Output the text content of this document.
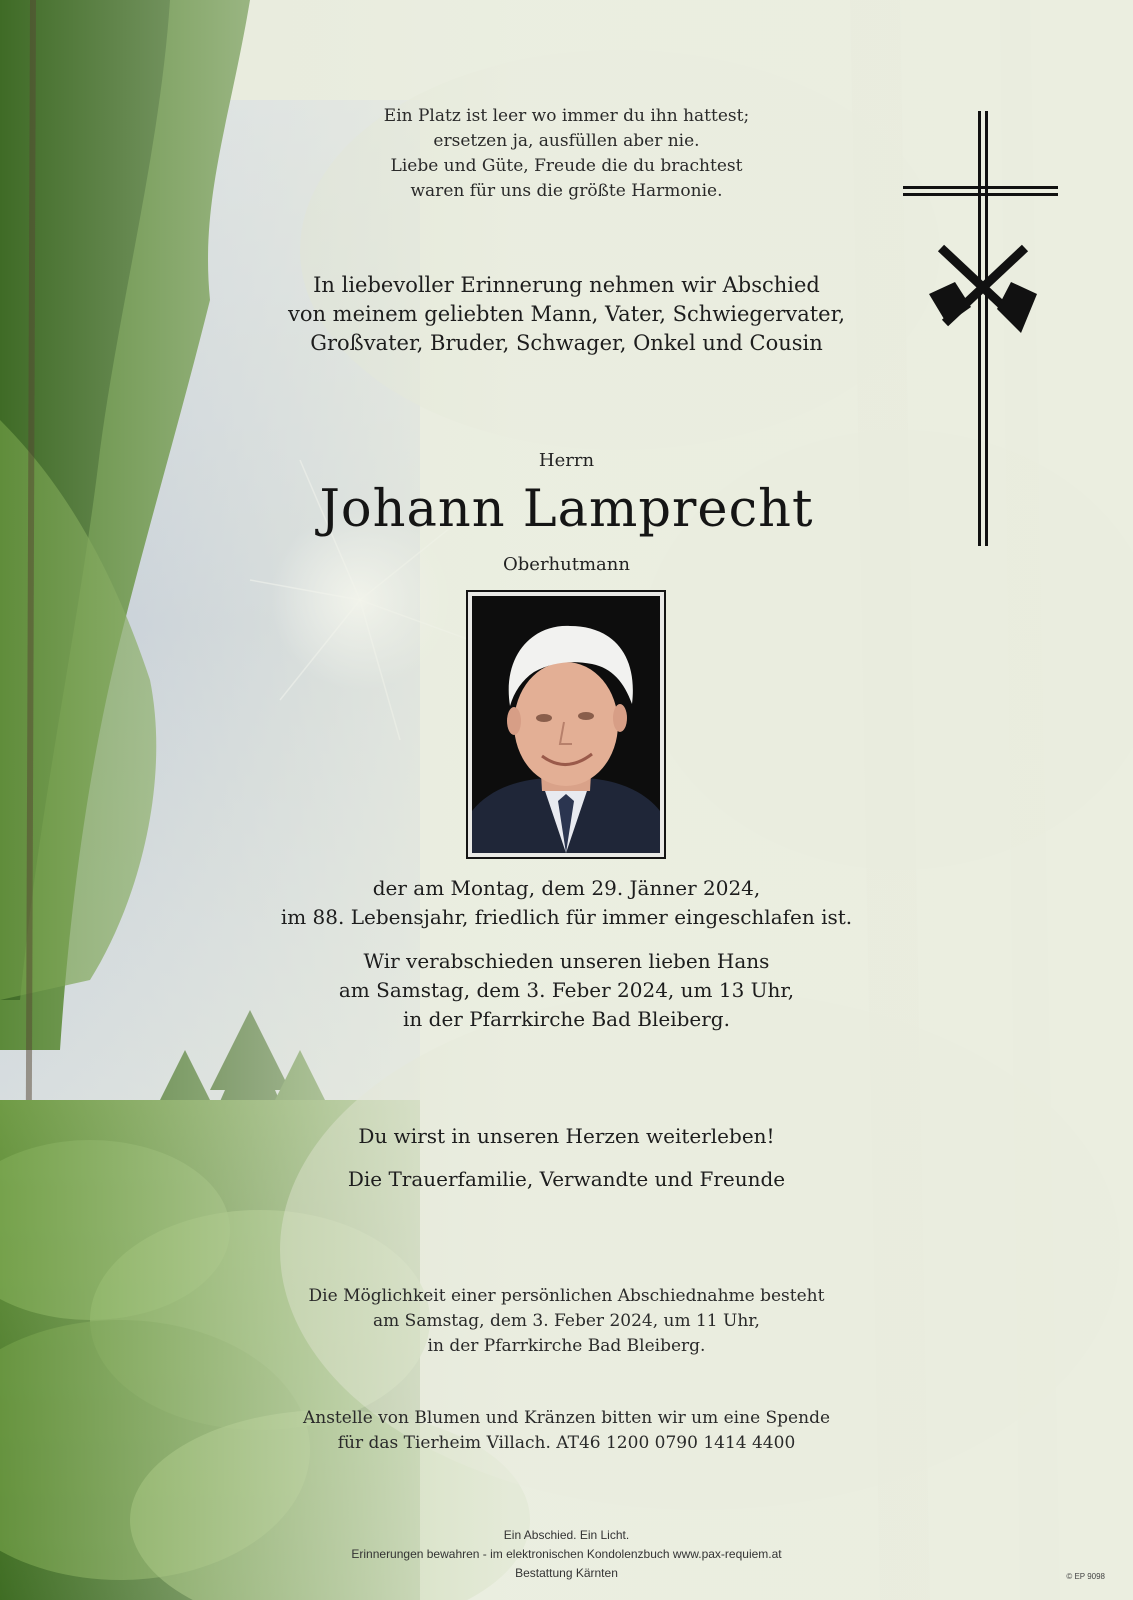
Ein Platz ist leer wo immer du ihn hattest;
ersetzen ja, ausfüllen aber nie.
Liebe und Güte, Freude die du brachtest
waren für uns die größte Harmonie.
In liebevoller Erinnerung nehmen wir Abschied
von meinem geliebten Mann, Vater, Schwiegervater,
Großvater, Bruder, Schwager, Onkel und Cousin
Herrn
Johann Lamprecht
Oberhutmann
der am Montag, dem 29. Jänner 2024,
im 88. Lebensjahr, friedlich für immer eingeschlafen ist.
Wir verabschieden unseren lieben Hans
am Samstag, dem 3. Feber 2024, um 13 Uhr,
in der Pfarrkirche Bad Bleiberg.
Du wirst in unseren Herzen weiterleben!
Die Trauerfamilie, Verwandte und Freunde
Die Möglichkeit einer persönlichen Abschiednahme besteht
am Samstag, dem 3. Feber 2024, um 11 Uhr,
in der Pfarrkirche Bad Bleiberg.
Anstelle von Blumen und Kränzen bitten wir um eine Spende
für das Tierheim Villach. AT46 1200 0790 1414 4400
Ein Abschied. Ein Licht.
Erinnerungen bewahren - im elektronischen Kondolenzbuch www.pax-requiem.at
Bestattung Kärnten	© EP 9098
